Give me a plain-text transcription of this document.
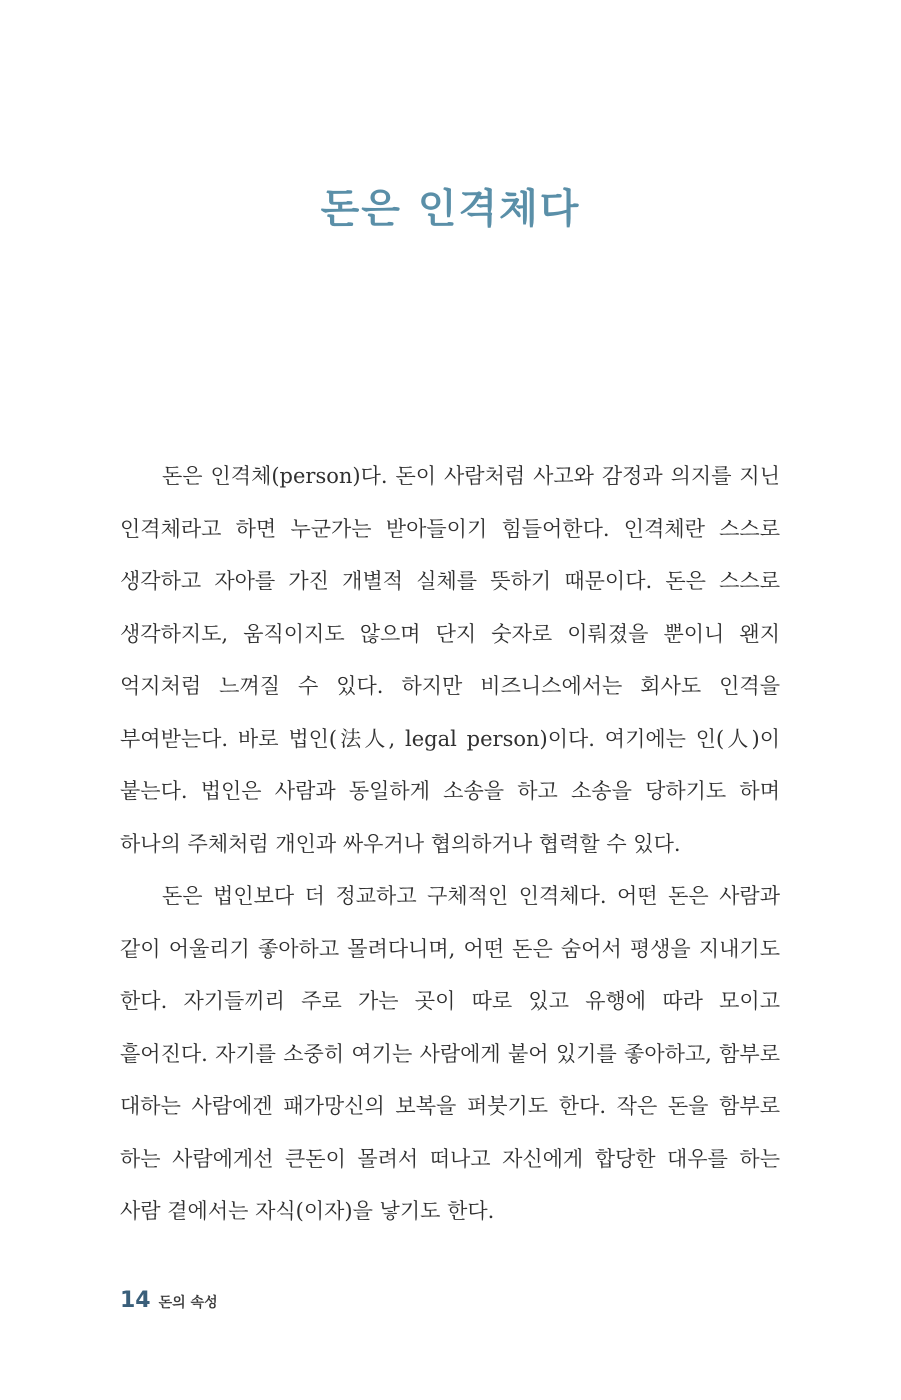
돈은 인격체다

돈은 인격체(person)다. 돈이 사람처럼 사고와 감정과 의지를 지닌 인격체라고 하면 누군가는 받아들이기 힘들어한다. 인격체란 스스로 생각하고 자아를 가진 개별적 실체를 뜻하기 때문이다. 돈은 스스로 생각하지도, 움직이지도 않으며 단지 숫자로 이뤄졌을 뿐이니 왠지 억지처럼 느껴질 수 있다. 하지만 비즈니스에서는 회사도 인격을 부여받는다. 바로 법인(法人, legal person)이다. 여기에는 인(人)이 붙는다. 법인은 사람과 동일하게 소송을 하고 소송을 당하기도 하며 하나의 주체처럼 개인과 싸우거나 협의하거나 협력할 수 있다.

돈은 법인보다 더 정교하고 구체적인 인격체다. 어떤 돈은 사람과 같이 어울리기 좋아하고 몰려다니며, 어떤 돈은 숨어서 평생을 지내기도 한다. 자기들끼리 주로 가는 곳이 따로 있고 유행에 따라 모이고 흩어진다. 자기를 소중히 여기는 사람에게 붙어 있기를 좋아하고, 함부로 대하는 사람에겐 패가망신의 보복을 퍼붓기도 한다. 작은 돈을 함부로 하는 사람에게선 큰돈이 몰려서 떠나고 자신에게 합당한 대우를 하는 사람 곁에서는 자식(이자)을 낳기도 한다.

14 돈의 속성
